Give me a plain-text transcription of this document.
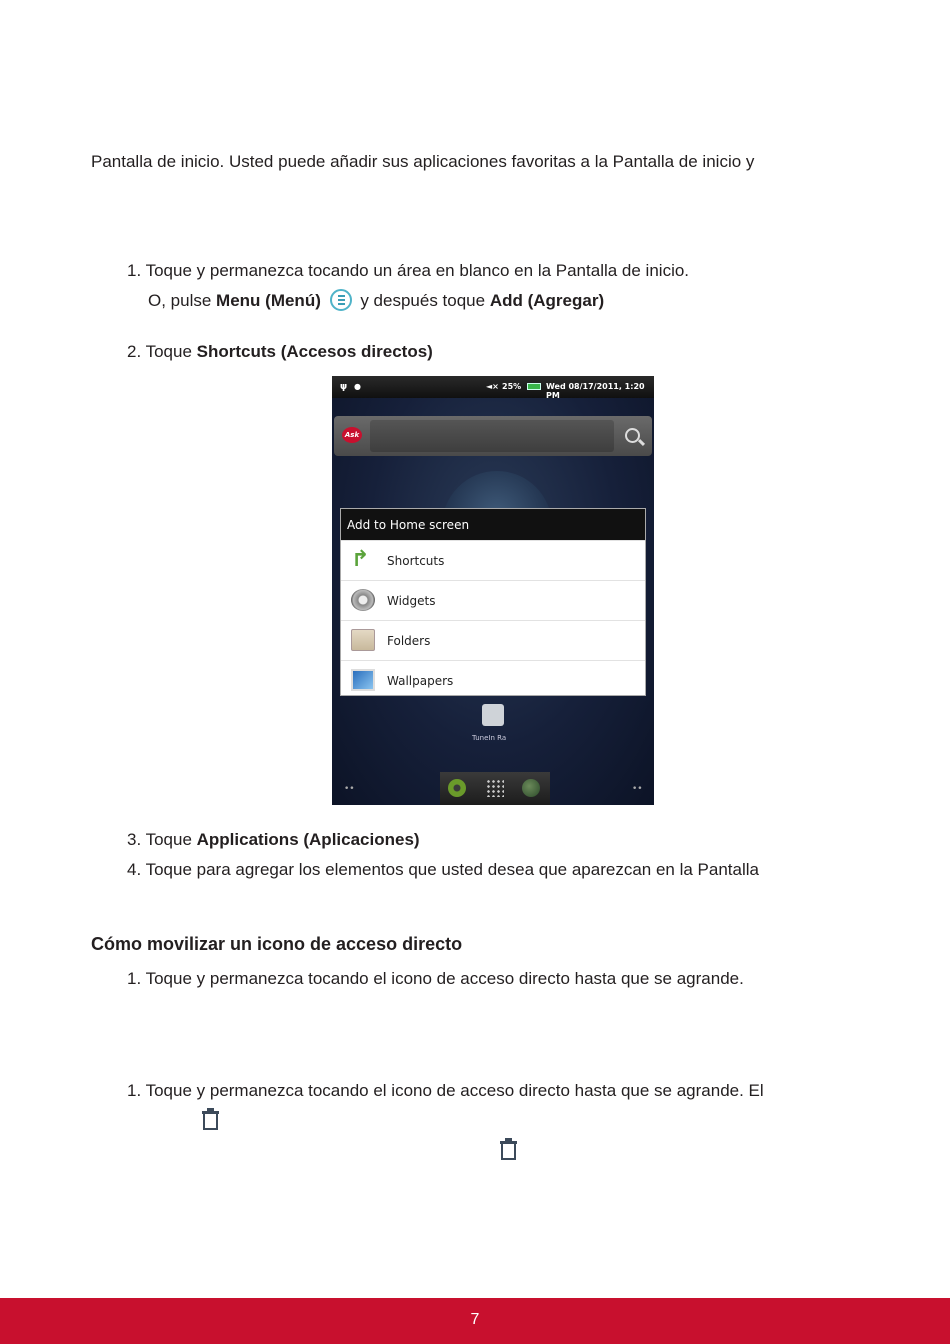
Pantalla de inicio. Usted puede añadir sus aplicaciones favoritas a la Pantalla de inicio y
1. Toque y permanezca tocando un área en blanco en la Pantalla de inicio.
O, pulse Menu (Menú)
y después toque Add (Agregar)
2. Toque Shortcuts (Accesos directos)
ψ ●	◄× 25%	Wed 08/17/2011, 1:20 PM
Ask
Add to Home screen
↱	Shortcuts
Widgets
Folders
Wallpapers
TuneIn Ra
••	••
3. Toque Applications (Aplicaciones)
4. Toque para agregar los elementos que usted desea que aparezcan en la Pantalla
Cómo movilizar un icono de acceso directo
1. Toque y permanezca tocando el icono de acceso directo hasta que se agrande.
1. Toque y permanezca tocando el icono de acceso directo hasta que se agrande. El
7
